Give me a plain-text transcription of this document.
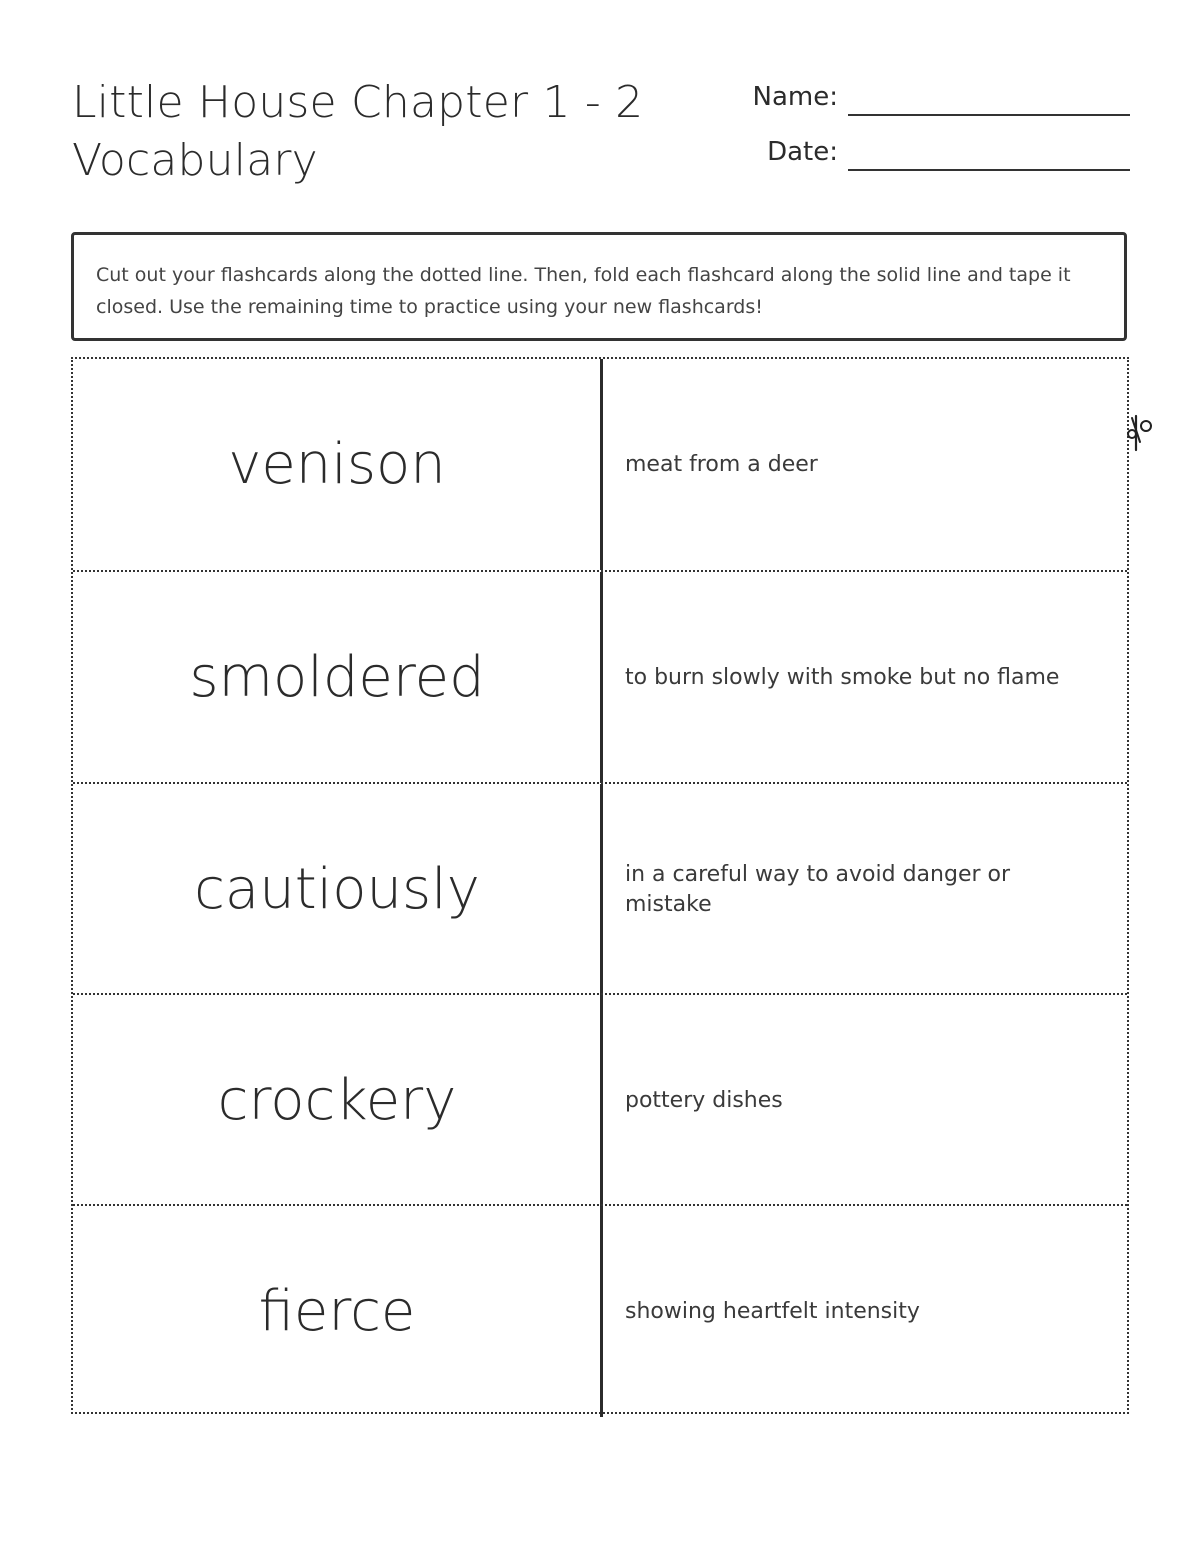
Little House Chapter 1 - 2
Vocabulary
Name:
Date:
Cut out your flashcards along the dotted line. Then, fold each flashcard along the solid line and tape it closed. Use the remaining time to practice using your new flashcards!
venison	meat from a deer
smoldered	to burn slowly with smoke but no flame
cautiously	in a careful way to avoid danger or mistake
crockery	pottery dishes
fierce	showing heartfelt intensity
